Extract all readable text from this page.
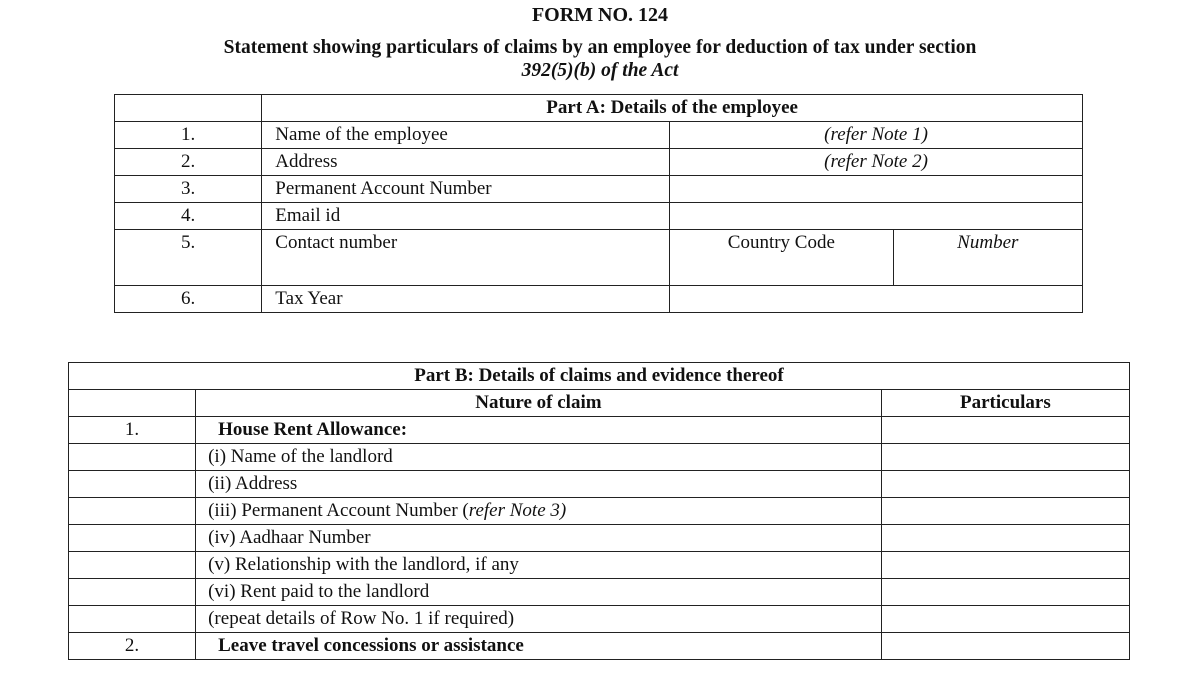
FORM NO. 124
Statement showing particulars of claims by an employee for deduction of tax under section
392(5)(b) of the Act
	Part A: Details of the employee		
1.	Name of the employee	(refer Note 1)	
2.	Address	(refer Note 2)	
3.	Permanent Account Number		
4.	Email id		
5.	Contact number	Country Code	Number
6.	Tax Year		
Part B: Details of claims and evidence thereof		
	Nature of claim	Particulars
1.	House Rent Allowance:	
	(i) Name of the landlord	
	(ii) Address	
	(iii) Permanent Account Number (refer Note 3)	
	(iv) Aadhaar Number	
	(v) Relationship with the landlord, if any	
	(vi) Rent paid to the landlord	
	(repeat details of Row No. 1 if required)	
2.	Leave travel concessions or assistance	
